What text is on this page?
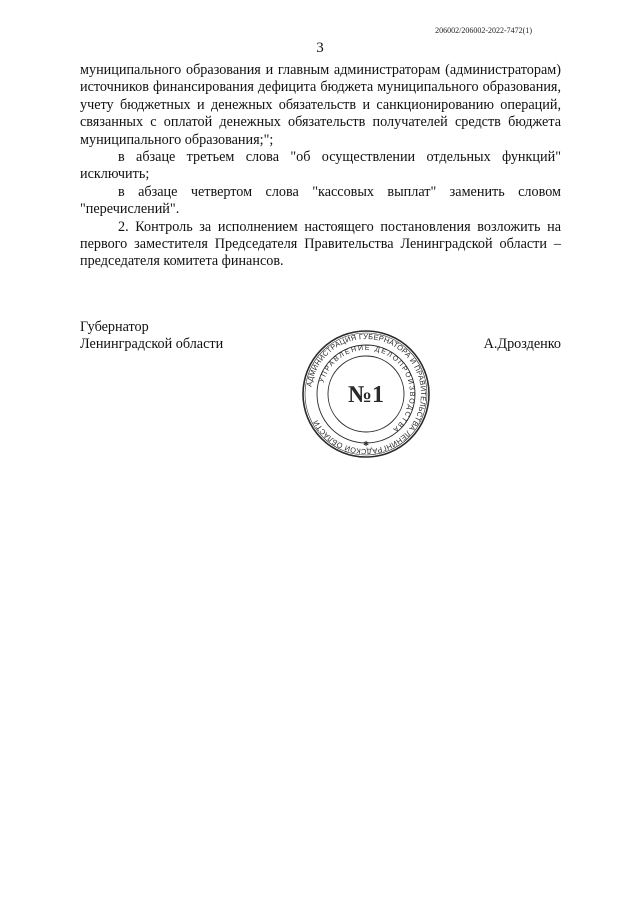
206002/206002-2022-7472(1)
3

муниципального образования и главным администраторам (администраторам) источников финансирования дефицита бюджета муниципального образования, учету бюджетных и денежных обязательств и санкционированию операций, связанных с оплатой денежных обязательств получателей средств бюджета муниципального образования;";

в абзаце третьем слова "об осуществлении отдельных функций" исключить;

в абзаце четвертом слова "кассовых выплат" заменить словом "перечислений".

2. Контроль за исполнением настоящего постановления возложить на первого заместителя Председателя Правительства Ленинградской области – председателя комитета финансов.

Губернатор
Ленинградской области	А.Дрозденко
АДМИНИСТРАЦИЯ ГУБЕРНАТОРА И ПРАВИТЕЛЬСТВА ЛЕНИНГРАДСКОЙ ОБЛАСТИ
УПРАВЛЕНИЕ ДЕЛОПРОИЗВОДСТВА
№1
✱
